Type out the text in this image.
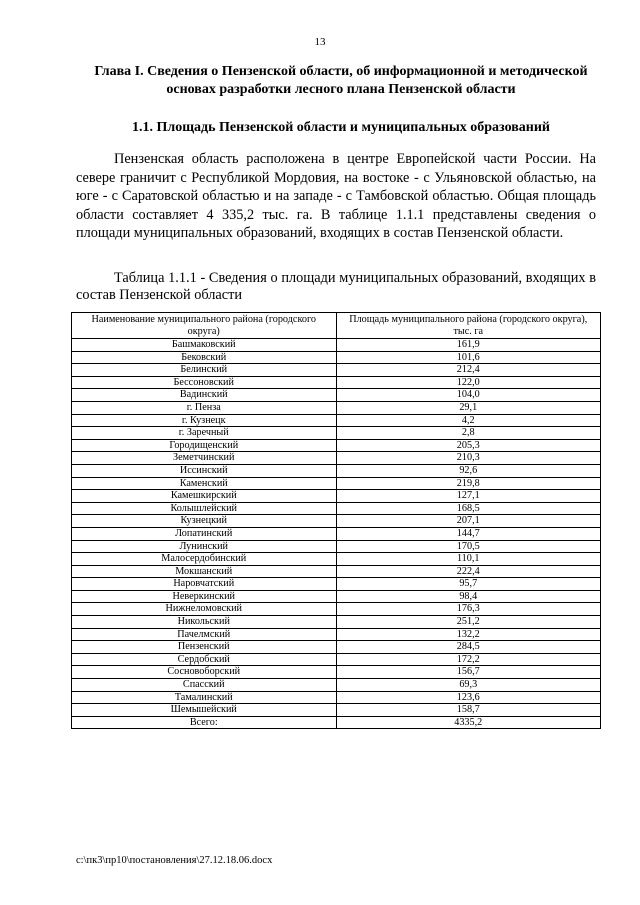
13
Глава I. Сведения о Пензенской области, об информационной и методической основах разработки лесного плана Пензенской области
1.1. Площадь Пензенской области и муниципальных образований

Пензенская область расположена в центре Европейской части России. На севере граничит с Республикой Мордовия, на востоке - с Ульяновской областью, на юге - с Саратовской областью и на западе - с Тамбовской областью. Общая площадь области составляет 4 335,2 тыс. га. В таблице 1.1.1 представлены сведения о площади муниципальных образований, входящих в состав Пензенской области.

Таблица 1.1.1 - Сведения о площади муниципальных образований, входящих в состав Пензенской области

Наименование муниципального района (городского округа)	Площадь муниципального района (городского округа), тыс. га
Башмаковский	161,9
Бековский	101,6
Белинский	212,4
Бессоновский	122,0
Вадинский	104,0
г. Пенза	29,1
г. Кузнецк	4,2
г. Заречный	2,8
Городищенский	205,3
Земетчинский	210,3
Иссинский	92,6
Каменский	219,8
Камешкирский	127,1
Колышлейский	168,5
Кузнецкий	207,1
Лопатинский	144,7
Лунинский	170,5
Малосердобинский	110,1
Мокшанский	222,4
Наровчатский	95,7
Неверкинский	98,4
Нижнеломовский	176,3
Никольский	251,2
Пачелмский	132,2
Пензенский	284,5
Сердобский	172,2
Сосновоборский	156,7
Спасский	69,3
Тамалинский	123,6
Шемышейский	158,7
Всего:	4335,2
c:\пк3\пр10\постановления\27.12.18.06.docx
